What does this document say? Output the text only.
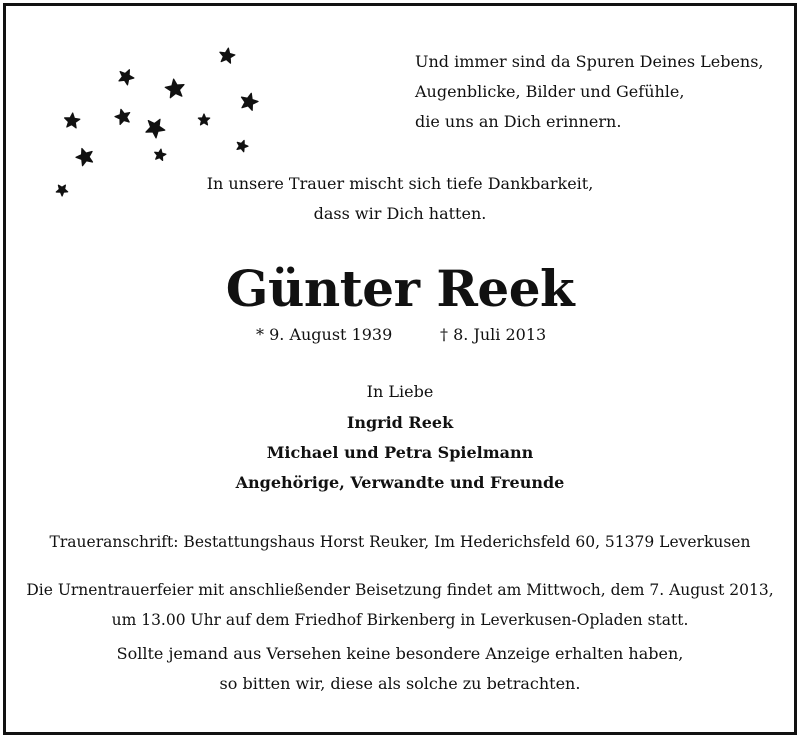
Und immer sind da Spuren Deines Lebens,
Augenblicke, Bilder und Gefühle,
die uns an Dich erinnern.
In unsere Trauer mischt sich tiefe Dankbarkeit,
dass wir Dich hatten.
Günter Reek
* 9. August 1939	† 8. Juli 2013
In Liebe
Ingrid Reek
Michael und Petra Spielmann
Angehörige, Verwandte und Freunde
Traueranschrift: Bestattungshaus Horst Reuker, Im Hederichsfeld 60, 51379 Leverkusen
Die Urnentrauerfeier mit anschließender Beisetzung findet am Mittwoch, dem 7. August 2013,
um 13.00 Uhr auf dem Friedhof Birkenberg in Leverkusen-Opladen statt.
Sollte jemand aus Versehen keine besondere Anzeige erhalten haben,
so bitten wir, diese als solche zu betrachten.
